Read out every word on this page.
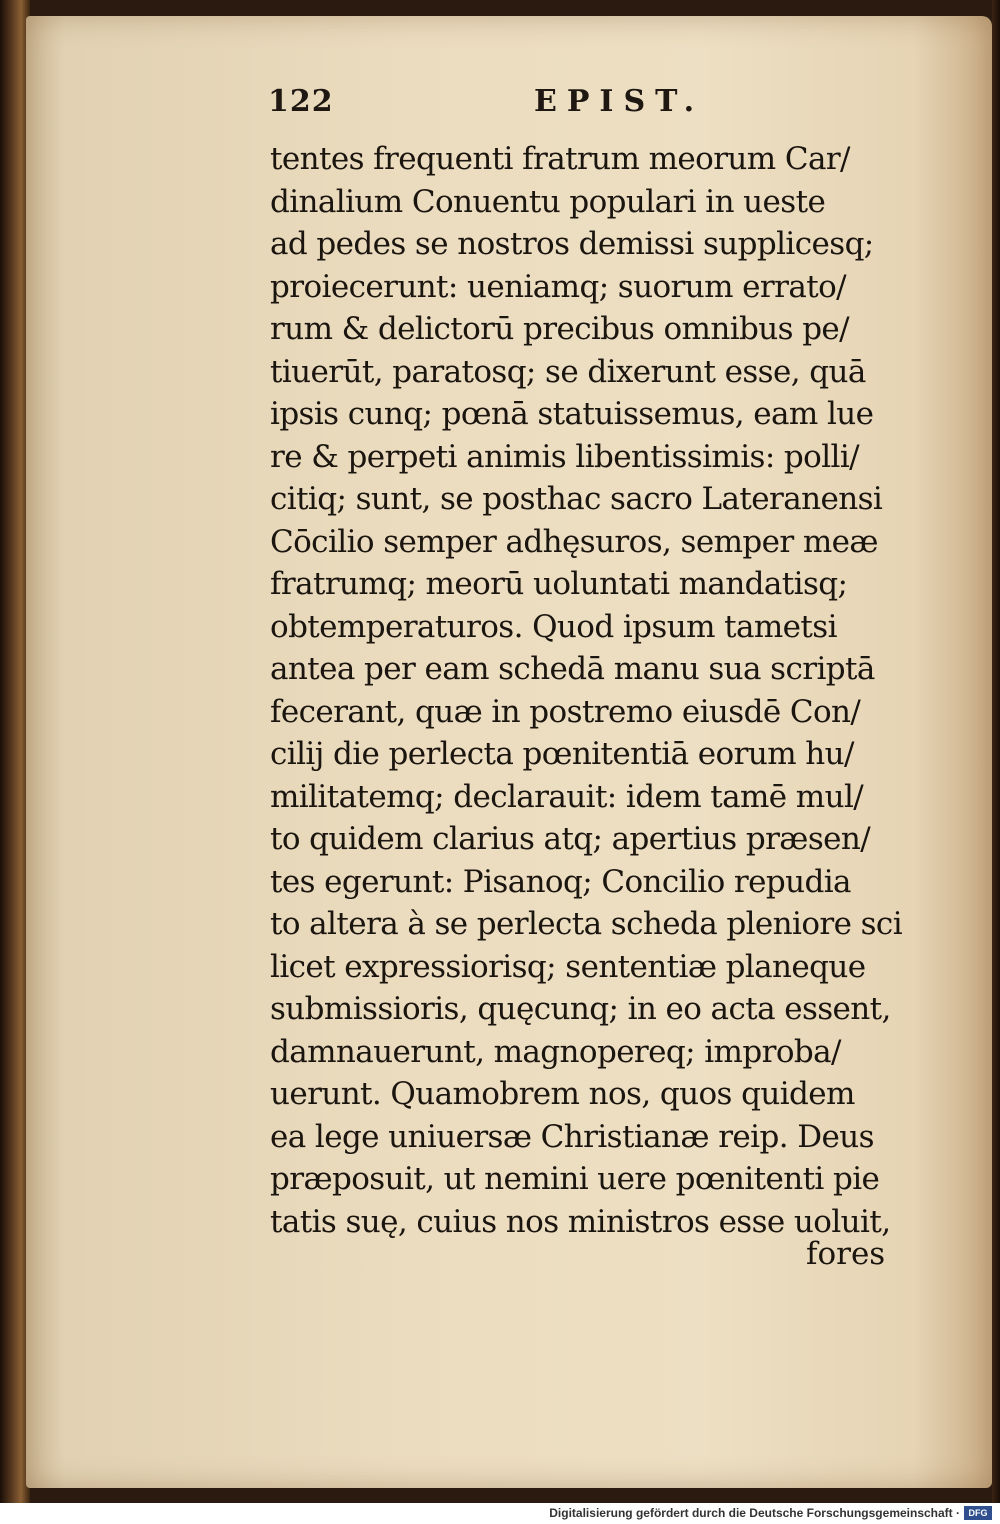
122	EPIST.
tentes frequenti fratrum meorum Car/
dinalium Conuentu populari in ueste
ad pedes se nostros demissi supplicesq;
proiecerunt: ueniamq; suorum errato/
rum & delictorū precibus omnibus pe/
tiuerūt, paratosq; se dixerunt esse, quā
ipsis cunq; pœnā statuissemus, eam lue
re & perpeti animis libentissimis: polli/
citiq; sunt, se posthac sacro Lateranensi
Cōcilio semper adhęsuros, semper meæ
fratrumq; meorū uoluntati mandatisq;
obtemperaturos. Quod ipsum tametsi
antea per eam schedā manu sua scriptā
fecerant, quæ in postremo eiusdē Con/
cilij die perlecta pœnitentiā eorum hu/
militatemq; declarauit: idem tamē mul/
to quidem clarius atq; apertius præsen/
tes egerunt: Pisanoq; Concilio repudia
to altera à se perlecta scheda pleniore sci
licet expressiorisq; sententiæ planeque
submissioris, quęcunq; in eo acta essent,
damnauerunt, magnopereq; improba/
uerunt. Quamobrem nos, quos quidem
ea lege uniuersæ Christianæ reip. Deus
præposuit, ut nemini uere pœnitenti pie
tatis suę, cuius nos ministros esse uoluit,
fores
Digitalisierung gefördert durch die Deutsche Forschungsgemeinschaft · DFG
